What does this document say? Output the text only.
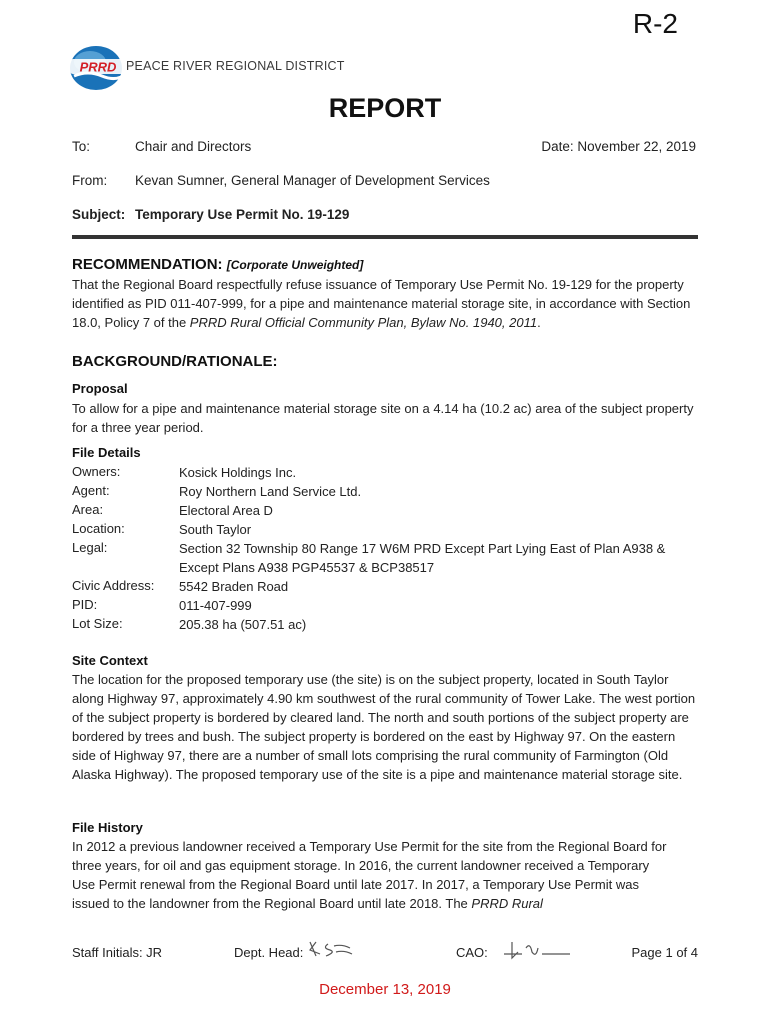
R-2
PRRD PEACE RIVER REGIONAL DISTRICT
REPORT
To:	Chair and Directors	Date: November 22, 2019
From:	Kevan Sumner, General Manager of Development Services
Subject: Temporary Use Permit No. 19-129
RECOMMENDATION: [Corporate Unweighted]
That the Regional Board respectfully refuse issuance of Temporary Use Permit No. 19-129 for the property identified as PID 011-407-999, for a pipe and maintenance material storage site, in accordance with Section 18.0, Policy 7 of the PRRD Rural Official Community Plan, Bylaw No. 1940, 2011.
BACKGROUND/RATIONALE:
Proposal
To allow for a pipe and maintenance material storage site on a 4.14 ha (10.2 ac) area of the subject property for a three year period.
File Details
Owners:	Kosick Holdings Inc.
Agent:	Roy Northern Land Service Ltd.
Area:	Electoral Area D
Location:	South Taylor
Legal:	Section 32 Township 80 Range 17 W6M PRD Except Part Lying East of Plan A938 & Except Plans A938 PGP45537 & BCP38517
Civic Address: 5542 Braden Road
PID:	011-407-999
Lot Size:	205.38 ha (507.51 ac)
Site Context
The location for the proposed temporary use (the site) is on the subject property, located in South Taylor along Highway 97, approximately 4.90 km southwest of the rural community of Tower Lake. The west portion of the subject property is bordered by cleared land. The north and south portions of the subject property are bordered by trees and bush. The subject property is bordered on the east by Highway 97. On the eastern side of Highway 97, there are a number of small lots comprising the rural community of Farmington (Old Alaska Highway). The proposed temporary use of the site is a pipe and maintenance material storage site.
File History
In 2012 a previous landowner received a Temporary Use Permit for the site from the Regional Board for three years, for oil and gas equipment storage. In 2016, the current landowner received a Temporary Use Permit renewal from the Regional Board until late 2017. In 2017, a Temporary Use Permit was issued to the landowner from the Regional Board until late 2018. The PRRD Rural
Staff Initials: JR	Dept. Head:	CAO:	Page 1 of 4
December 13, 2019
